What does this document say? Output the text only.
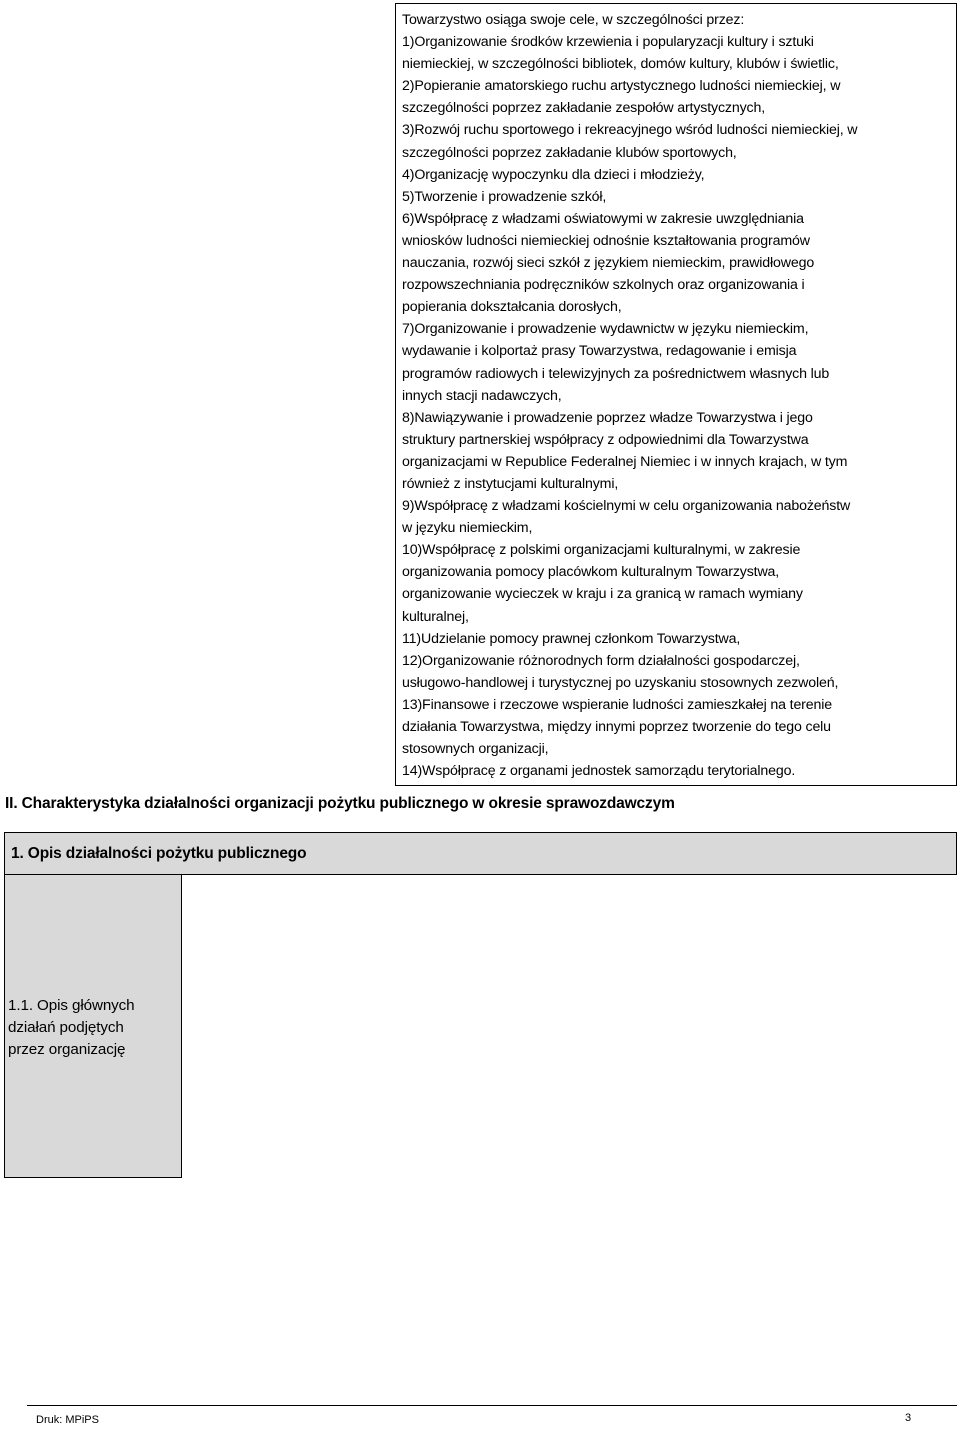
Towarzystwo osiąga swoje cele, w szczególności przez:
1)Organizowanie środków krzewienia i popularyzacji kultury i sztuki
niemieckiej, w szczególności bibliotek, domów kultury, klubów i świetlic,
2)Popieranie amatorskiego ruchu artystycznego ludności niemieckiej, w
szczególności poprzez zakładanie zespołów artystycznych,
3)Rozwój ruchu sportowego i rekreacyjnego wśród ludności niemieckiej, w
szczególności poprzez zakładanie klubów sportowych,
4)Organizację wypoczynku dla dzieci i młodzieży,
5)Tworzenie i prowadzenie szkół,
6)Współpracę z władzami oświatowymi w zakresie uwzględniania
wniosków ludności niemieckiej odnośnie kształtowania programów
nauczania, rozwój sieci szkół z językiem niemieckim, prawidłowego
rozpowszechniania podręczników szkolnych oraz organizowania i
popierania dokształcania dorosłych,
7)Organizowanie i prowadzenie wydawnictw w języku niemieckim,
wydawanie i kolportaż prasy Towarzystwa, redagowanie i emisja
programów radiowych i telewizyjnych za pośrednictwem własnych lub
innych stacji nadawczych,
8)Nawiązywanie i prowadzenie poprzez władze Towarzystwa i jego
struktury partnerskiej współpracy z odpowiednimi dla Towarzystwa
organizacjami w Republice Federalnej Niemiec i w innych krajach, w tym
również z instytucjami kulturalnymi,
9)Współpracę z władzami kościelnymi w celu organizowania nabożeństw
w języku niemieckim,
10)Współpracę z polskimi organizacjami kulturalnymi, w zakresie
organizowania pomocy placówkom kulturalnym Towarzystwa,
organizowanie wycieczek w kraju i za granicą w ramach wymiany
kulturalnej,
11)Udzielanie pomocy prawnej członkom Towarzystwa,
12)Organizowanie różnorodnych form działalności gospodarczej,
usługowo-handlowej i turystycznej po uzyskaniu stosownych zezwoleń,
13)Finansowe i rzeczowe wspieranie ludności zamieszkałej na terenie
działania Towarzystwa, między innymi poprzez tworzenie do tego celu
stosownych organizacji,
14)Współpracę z organami jednostek samorządu terytorialnego.
II. Charakterystyka działalności organizacji pożytku publicznego w okresie sprawozdawczym
1. Opis działalności pożytku publicznego
1.1. Opis głównych
działań podjętych
przez organizację
Druk: MPiPS	3
